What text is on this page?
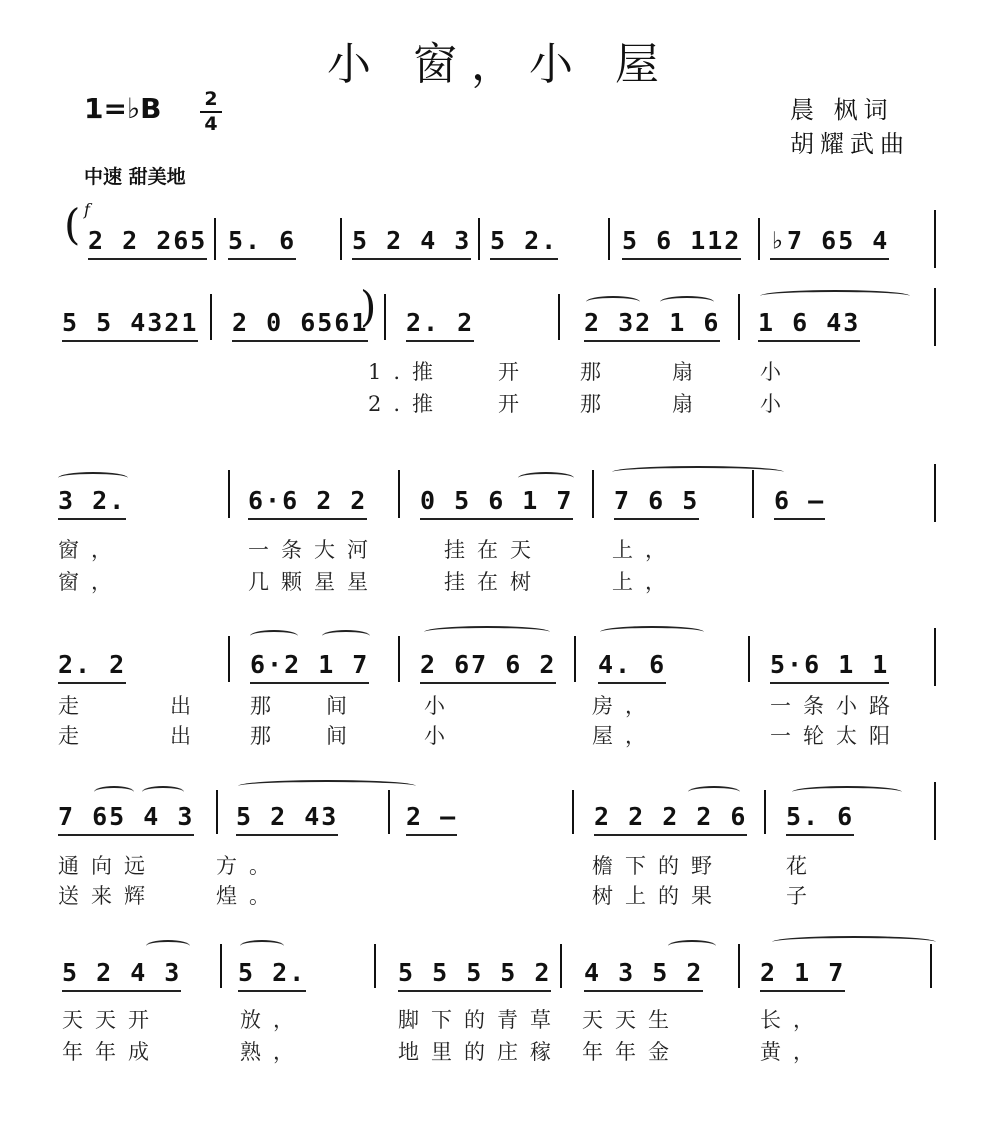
小 窗，小 屋
1=♭B 2
4	晨 枫词
胡耀武曲
中速 甜美地
f
( 2 2 265 5. 6 5 2 4 3 5 2.	5 6 112 ♭7 65 4
5 5 4321 2 0 6561
) 2. 2	2 32 1 6 1 6 43
1.推	开 那	扇	小
2.推	开 那	扇	小
3 2.	6·6 2 2 0 5 6 1 7 7 6 5	6 –
窗，	一条大河	挂在天	上，
窗，	几颗星星	挂在树	上，
2. 2	6·2 1 7 2 67 6 2 4. 6	5·6 1 1
走	出 那 间	小	房，	一条小路
走	出 那 间	小	屋，	一轮太阳
7 65 4 3 5 2 43	2 –	2 2 2 2 6 5. 6
通向远	方。	檐下的野	花
送来辉	煌。	树上的果	子
5 2 4 3 5 2.	5 5 5 5 2 4 3 5 2 2 1 7
天天开	放，	脚下的青草 天天生	长，
年年成	熟，	地里的庄稼 年年金	黄，
